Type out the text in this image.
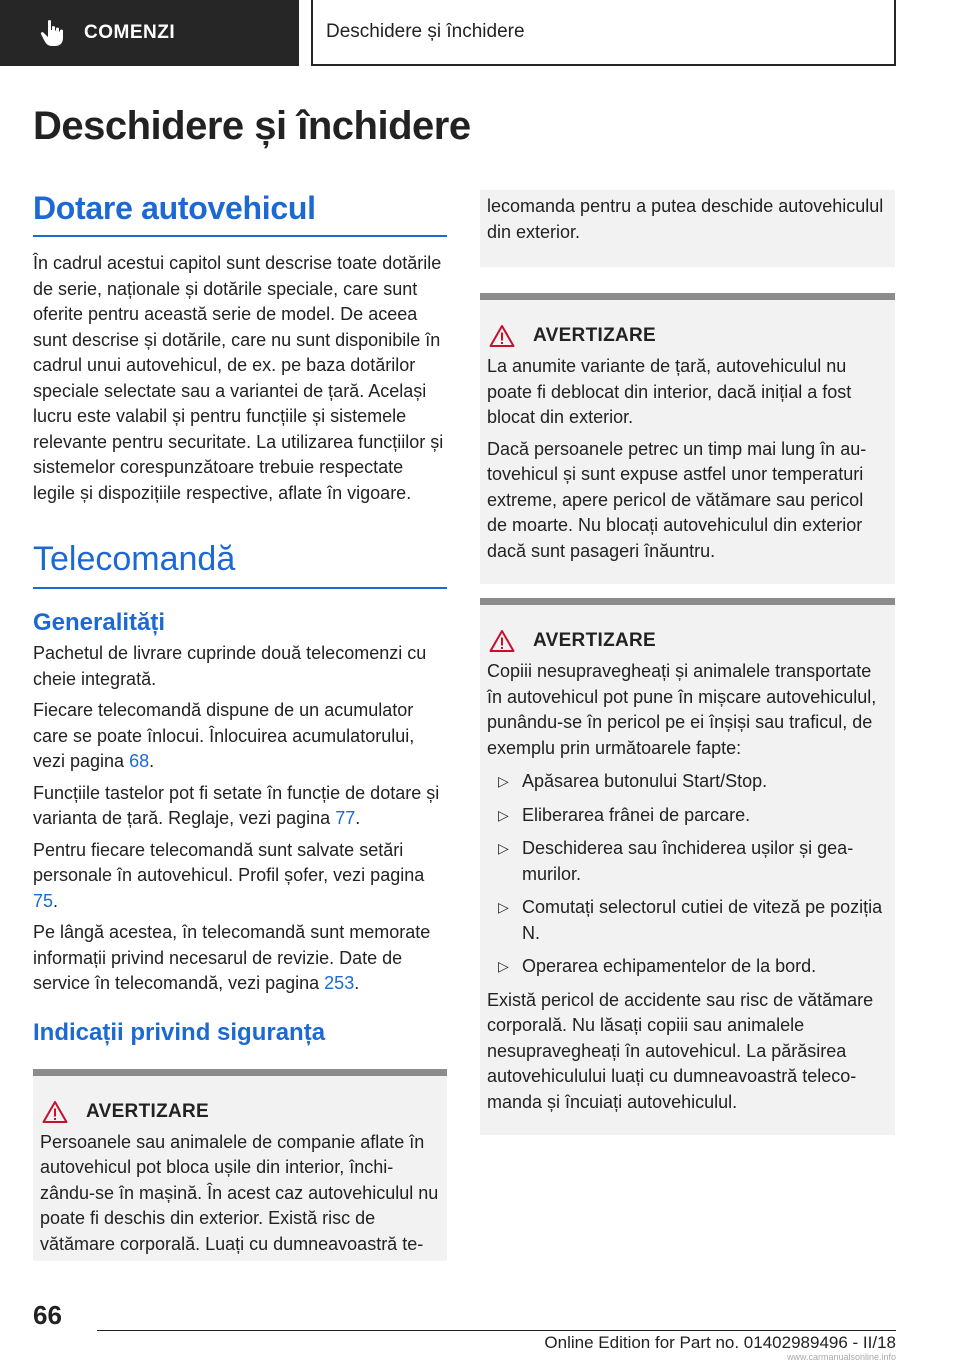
COMENZI	Deschidere și închidere
Deschidere și închidere
Dotare autovehicul

În cadrul acestui capitol sunt descrise toate dotările de serie, naționale și dotările speciale, care sunt oferite pentru această serie de model. De aceea sunt descrise și dotările, care nu sunt disponibile în cadrul unui autovehicul, de ex. pe baza dotărilor speciale selectate sau a variantei de țară. Același lucru este valabil și pentru funcțiile și sistemele relevante pentru securitate. La utilizarea funcțiilor și sistemelor corespunzătoare trebuie respectate legile și dispozițiile respective, aflate în vigoare.

Telecomandă
Generalități

Pachetul de livrare cuprinde două telecomenzi cu cheie integrată.

Fiecare telecomandă dispune de un acumulator care se poate înlocui. Înlocuirea acumulatorului, vezi pagina 68.

Funcțiile tastelor pot fi setate în funcție de dotare și varianta de țară. Reglaje, vezi pagina 77.

Pentru fiecare telecomandă sunt salvate setări personale în autovehicul. Profil șofer, vezi pagina 75.

Pe lângă acestea, în telecomandă sunt memorate informații privind necesarul de revizie. Date de service în telecomandă, vezi pagina 253.

Indicații privind siguranța
AVERTIZARE

Persoanele sau animalele de companie aflate în autovehicul pot bloca ușile din interior, închizându-se în mașină. În acest caz autovehiculul nu poate fi deschis din exterior. Există risc de vătămare corporală. Luați cu dumneavoastră te-

lecomanda pentru a putea deschide autovehiculul din exterior.

AVERTIZARE

La anumite variante de țară, autovehiculul nu poate fi deblocat din interior, dacă inițial a fost blocat din exterior.

Dacă persoanele petrec un timp mai lung în autovehicul și sunt expuse astfel unor temperaturi extreme, apere pericol de vătămare sau pericol de moarte. Nu blocați autovehiculul din exterior dacă sunt pasageri înăuntru.

AVERTIZARE

Copiii nesupravegheați și animalele transportate în autovehicul pot pune în mișcare autovehiculul, punându-se în pericol pe ei înșiși sau traficul, de exemplu prin următoarele fapte:

▷ Apăsarea butonului Start/Stop.
▷ Eliberarea frânei de parcare.
▷ Deschiderea sau închiderea ușilor și geamurilor.
▷ Comutați selectorul cutiei de viteză pe poziția N.
▷ Operarea echipamentelor de la bord.

Există pericol de accidente sau risc de vătămare corporală. Nu lăsați copiii sau animalele nesupravegheați în autovehicul. La părăsirea autovehiculului luați cu dumneavoastră telecomanda și încuiați autovehiculul.

66
Online Edition for Part no. 01402989496 - II/18
www.carmanualsonline.info
